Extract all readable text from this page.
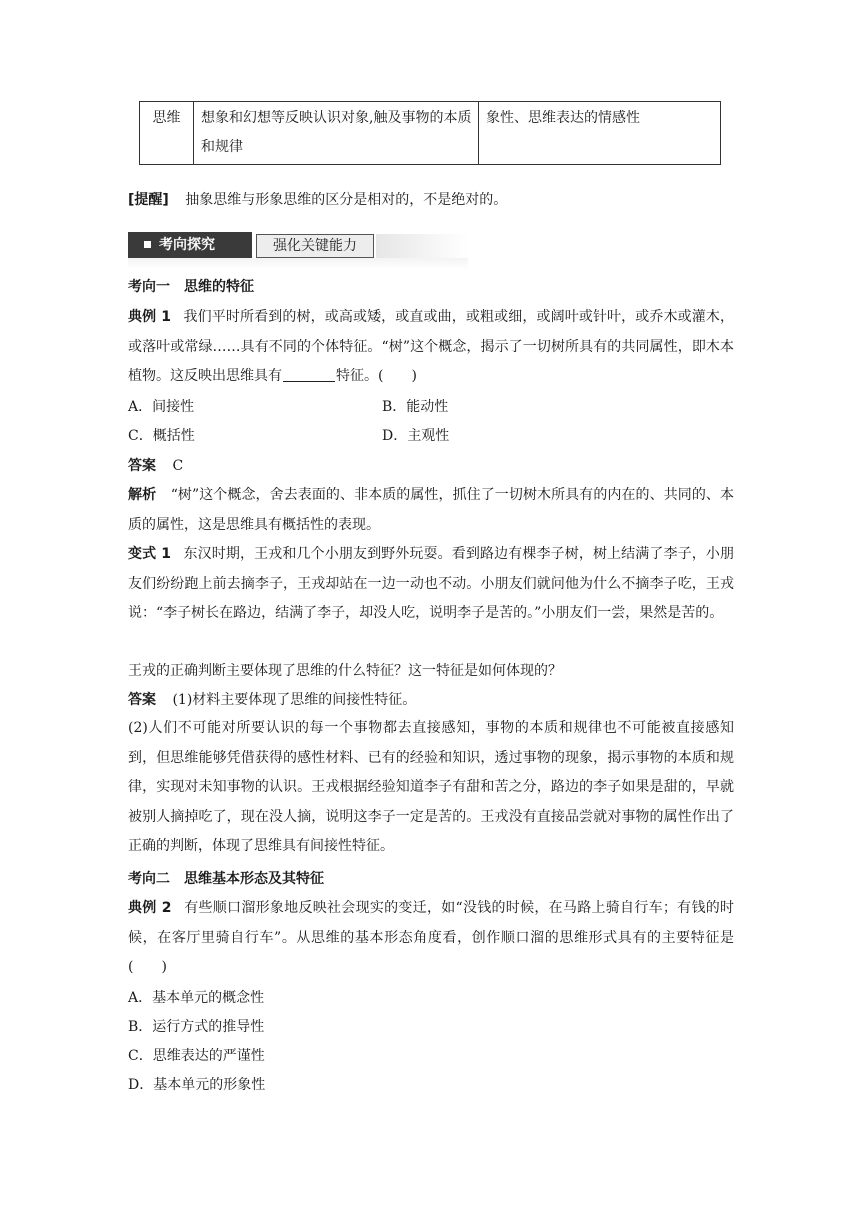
思维	想象和幻想等反映认识对象,触及事物的本质和规律	象性、思维表达的情感性
[提醒] 抽象思维与形象思维的区分是相对的，不是绝对的。
考向探究	强化关键能力
考向一　思维的特征
典例 1 我们平时所看到的树，或高或矮，或直或曲，或粗或细，或阔叶或针叶，或乔木或灌木，或落叶或常绿……具有不同的个体特征。“树”这个概念，揭示了一切树所具有的共同属性，即木本植物。这反映出思维具有	特征。(　　)
A．间接性	B．能动性
C．概括性	D．主观性
答案 C
解析 “树”这个概念，舍去表面的、非本质的属性，抓住了一切树木所具有的内在的、共同的、本质的属性，这是思维具有概括性的表现。
变式 1 东汉时期，王戎和几个小朋友到野外玩耍。看到路边有棵李子树，树上结满了李子，小朋友们纷纷跑上前去摘李子，王戎却站在一边一动也不动。小朋友们就问他为什么不摘李子吃，王戎说：“李子树长在路边，结满了李子，却没人吃，说明李子是苦的。”小朋友们一尝，果然是苦的。
王戎的正确判断主要体现了思维的什么特征？这一特征是如何体现的？
答案 (1)材料主要体现了思维的间接性特征。
(2)人们不可能对所要认识的每一个事物都去直接感知，事物的本质和规律也不可能被直接感知到，但思维能够凭借获得的感性材料、已有的经验和知识，透过事物的现象，揭示事物的本质和规律，实现对未知事物的认识。王戎根据经验知道李子有甜和苦之分，路边的李子如果是甜的，早就被别人摘掉吃了，现在没人摘，说明这李子一定是苦的。王戎没有直接品尝就对事物的属性作出了正确的判断，体现了思维具有间接性特征。
考向二　思维基本形态及其特征
典例 2 有些顺口溜形象地反映社会现实的变迁，如“没钱的时候，在马路上骑自行车；有钱的时候，在客厅里骑自行车”。从思维的基本形态角度看，创作顺口溜的思维形式具有的主要特征是(　　)
A．基本单元的概念性
B．运行方式的推导性
C．思维表达的严谨性
D．基本单元的形象性
